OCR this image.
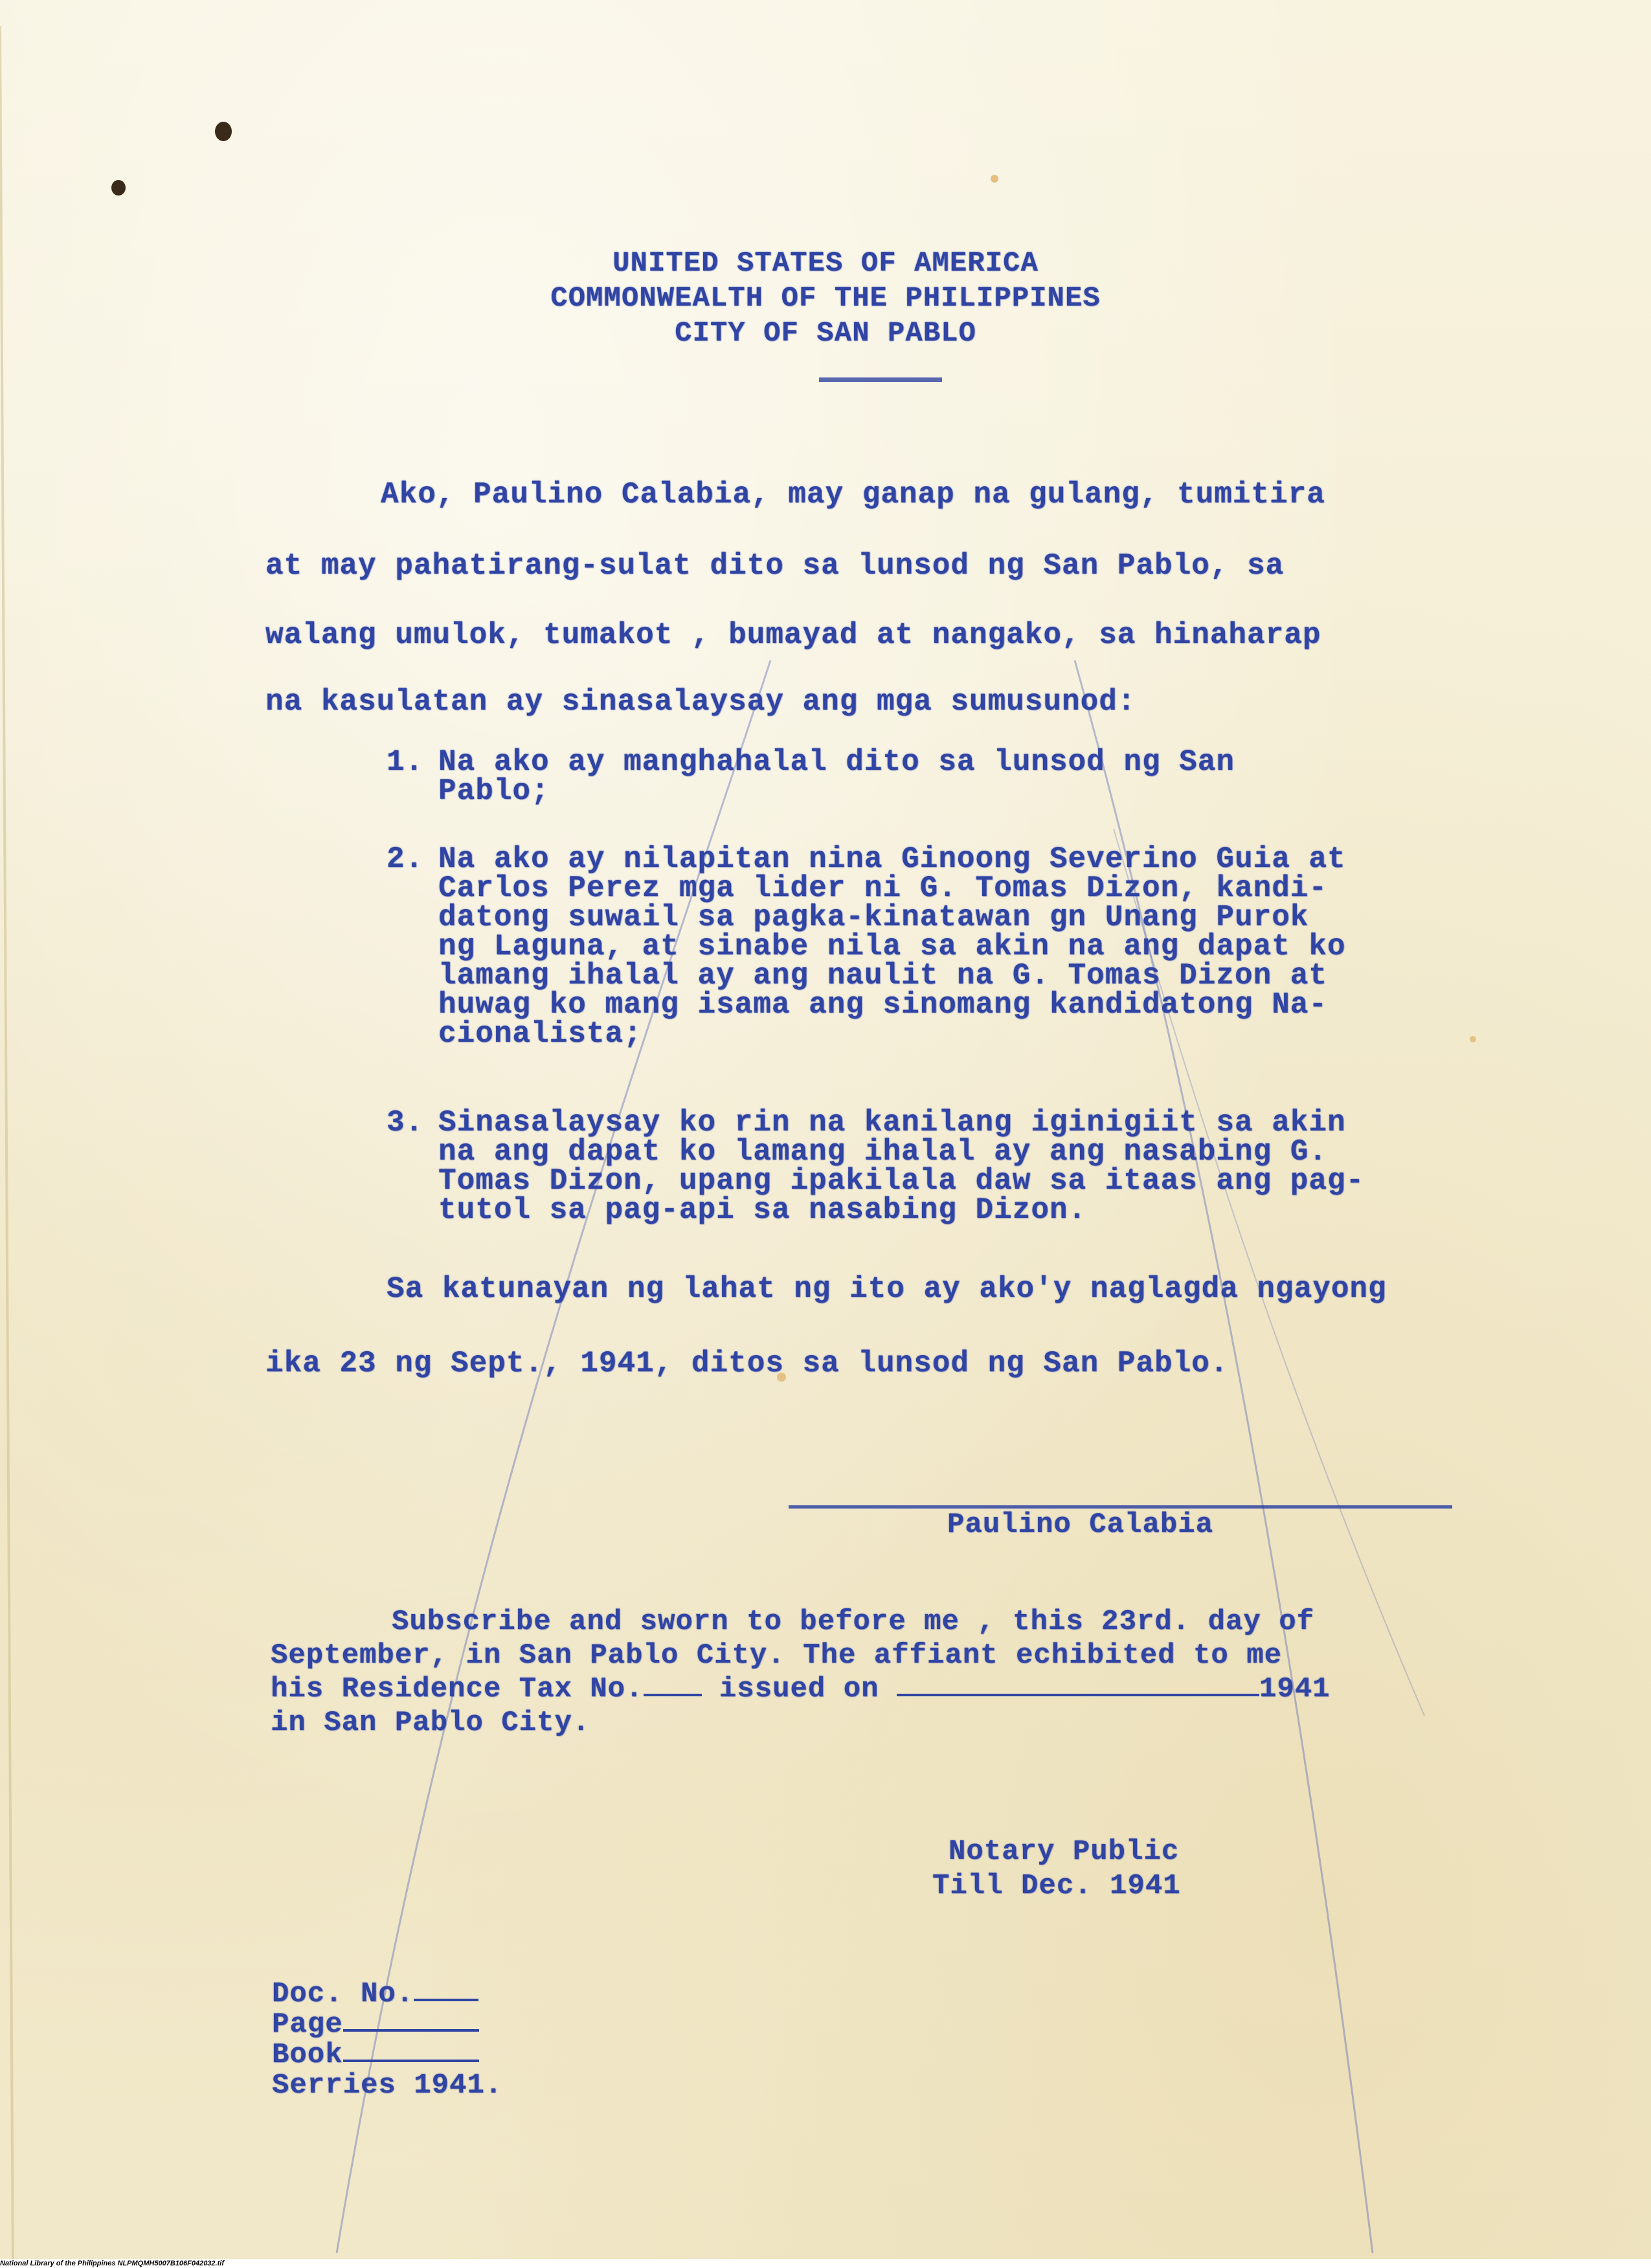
UNITED STATES OF AMERICA
COMMONWEALTH OF THE PHILIPPINES
CITY OF SAN PABLO
Ako, Paulino Calabia, may ganap na gulang, tumitira
at may pahatirang-sulat dito sa lunsod ng San Pablo, sa
walang umulok, tumakot , bumayad at nangako, sa hinaharap
na kasulatan ay sinasalaysay ang mga sumusunod:
1. Na ako ay manghahalal dito sa lunsod ng San
Pablo;
2. Na ako ay nilapitan nina Ginoong Severino Guia at
Carlos Perez mga lider ni G. Tomas Dizon, kandi-
datong suwail sa pagka-kinatawan gn Unang Purok
ng Laguna, at sinabe nila sa akin na ang dapat ko
lamang ihalal ay ang naulit na G. Tomas Dizon at
huwag ko mang isama ang sinomang kandidatong Na-
cionalista;
3. Sinasalaysay ko rin na kanilang iginigiit sa akin
na ang dapat ko lamang ihalal ay ang nasabing G.
Tomas Dizon, upang ipakilala daw sa itaas ang pag-
tutol sa pag-api sa nasabing Dizon.
Sa katunayan ng lahat ng ito ay ako'y naglagda ngayong
ika 23 ng Sept., 1941, ditos sa lunsod ng San Pablo.
Paulino Calabia
Subscribe and sworn to before me , this 23rd. day of
September, in San Pablo City. The affiant echibited to me
his Residence Tax No.	issued on	1941
in San Pablo City.
Notary Public
Till Dec. 1941
Doc. No.
Page
Book
Serries 1941.
National Library of the Philippines NLPMQMH5007B106F042032.tif
